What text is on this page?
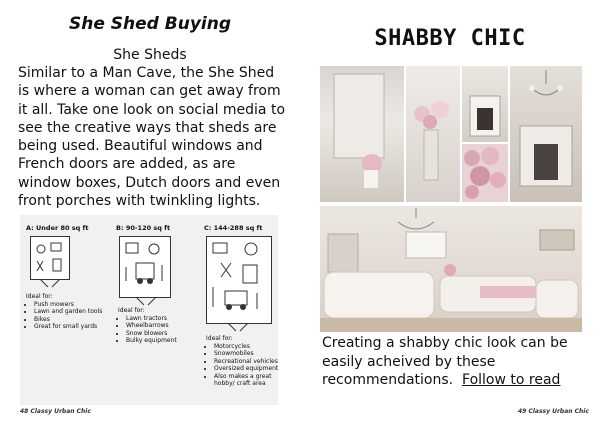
She Shed Buying
She Sheds
Similar to a Man Cave, the She Shed is where a woman can get away from it all. Take one look on social media to see the creative ways that sheds are being used. Beautiful windows and French doors are added, as are window boxes, Dutch doors and even front porches with twinkling lights.
A: Under 80 sq ft
Ideal for:
• Push mowers
• Lawn and garden tools
• Bikes
• Great for small yards
B: 90-120 sq ft
Ideal for:
• Lawn tractors
• Wheelbarrows
• Snow blowers
• Bulky equipment
C: 144-288 sq ft
Ideal for:
• Motorcycles
• Snowmobiles
• Recreational vehicles
• Oversized equipment
• Also makes a great hobby/ craft area
48 Classy Urban Chic
SHABBY CHIC
Creating a shabby chic look can be easily acheived by these recommendations. Follow to read
49 Classy Urban Chic
